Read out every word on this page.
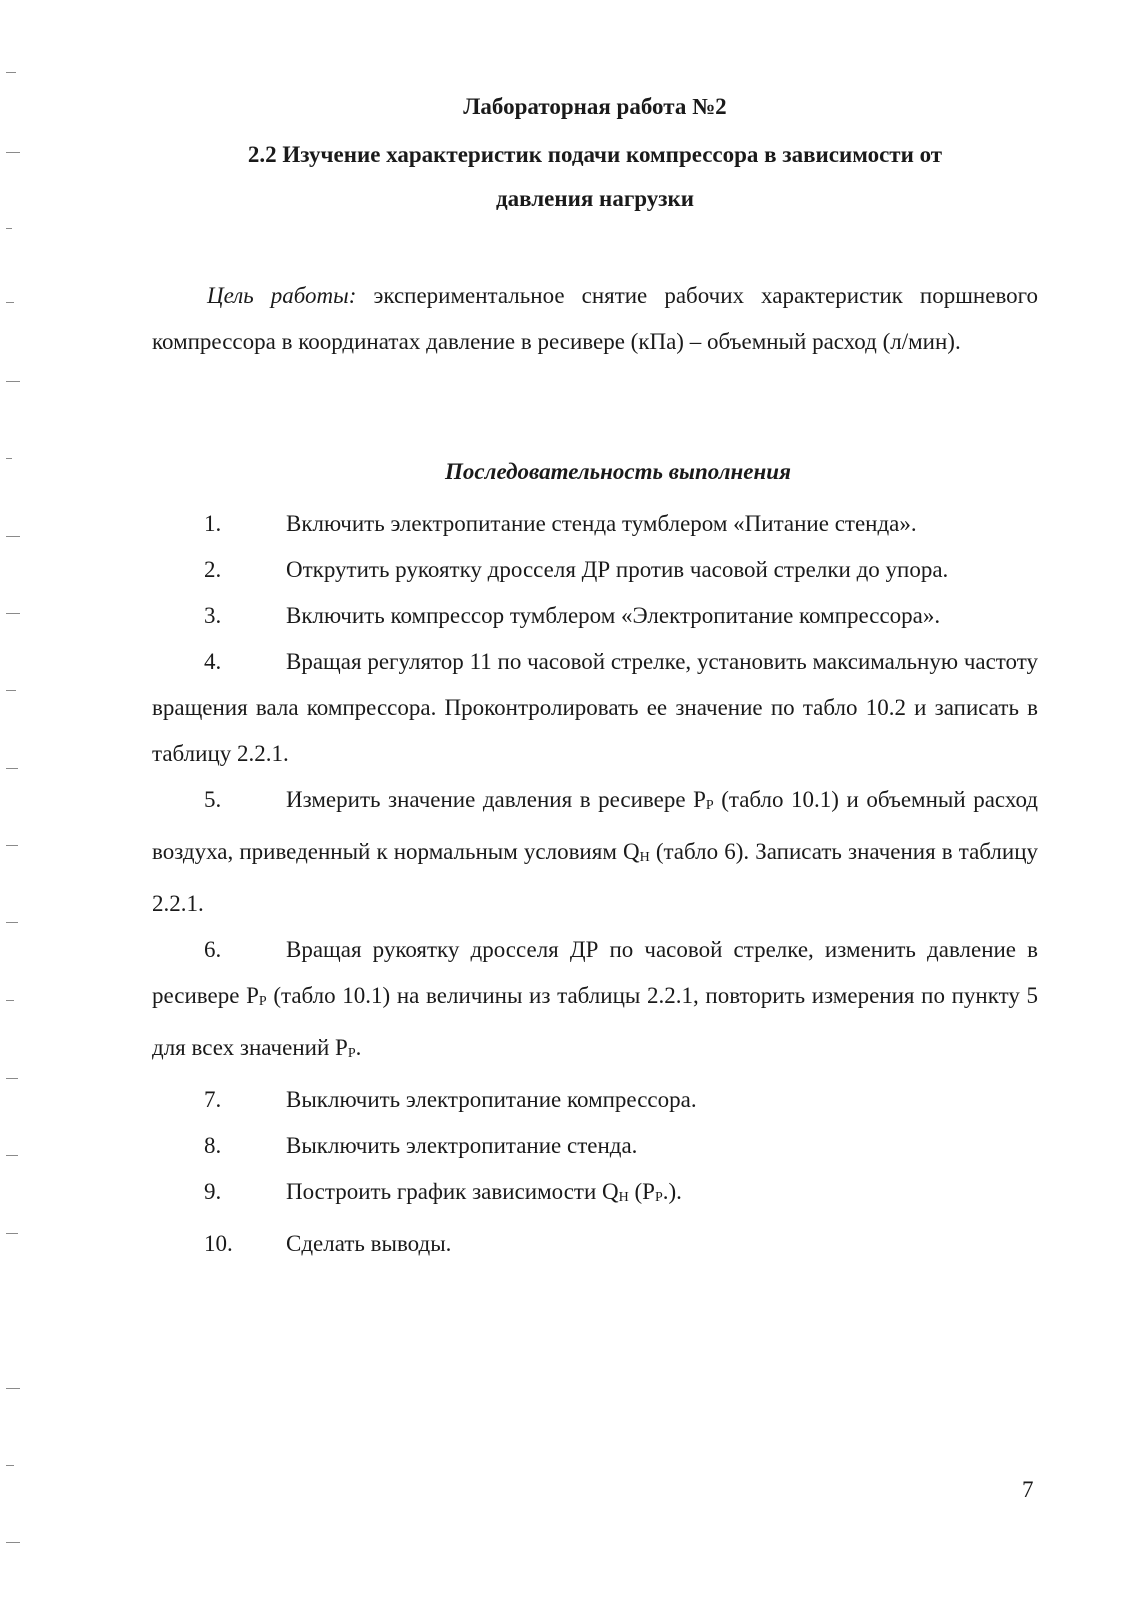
Лабораторная работа №2
2.2 Изучение характеристик подачи компрессора в зависимости от
давления нагрузки
Цель работы: экспериментальное снятие рабочих характеристик поршневого компрессора в координатах давление в ресивере (кПа) – объемный расход (л/мин).
Последовательность выполнения

1.	Включить электропитание стенда тумблером «Питание стенда».

2.	Открутить рукоятку дросселя ДР против часовой стрелки до упора.

3.	Включить компрессор тумблером «Электропитание компрессора».

4.	Вращая регулятор 11 по часовой стрелке, установить максимальную частоту вращения вала компрессора. Проконтролировать ее значение по табло 10.2 и записать в таблицу 2.2.1.

5.	Измерить значение давления в ресивере $P_Р$ (табло 10.1) и объемный расход воздуха, приведенный к нормальным условиям $Q_Н$ (табло 6). Записать значения в таблицу 2.2.1.

6.	Вращая рукоятку дросселя ДР по часовой стрелке, изменить давление в ресивере $P_Р$ (табло 10.1) на величины из таблицы 2.2.1, повторить измерения по пункту 5 для всех значений $P_Р$.

7.	Выключить электропитание компрессора.

8.	Выключить электропитание стенда.

9.	Построить график зависимости $Q_Н$ $(P_Р.)$.

10. Сделать выводы.

7
